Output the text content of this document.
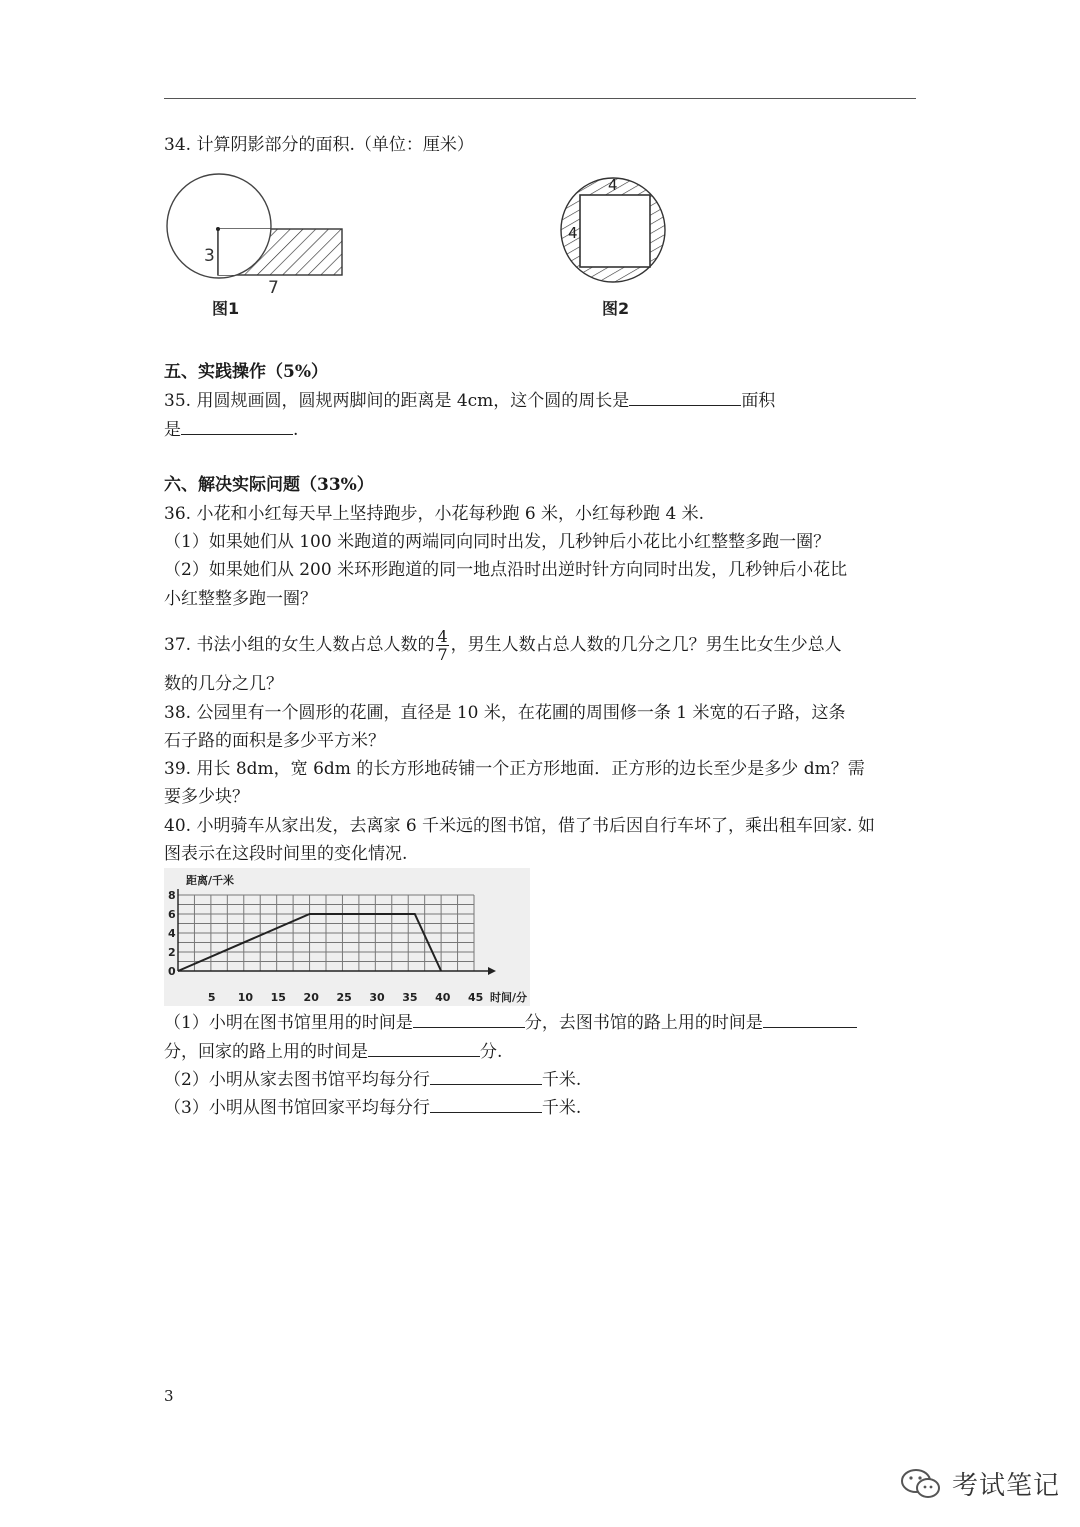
34. 计算阴影部分的面积.（单位：厘米）
3
7
图1
4
4
图2
五、实践操作（5%）
35. 用圆规画圆，圆规两脚间的距离是 4cm，这个圆的周长是	面积
是	.
六、解决实际问题（33%）
36. 小花和小红每天早上坚持跑步，小花每秒跑 6 米，小红每秒跑 4 米.
（1）如果她们从 100 米跑道的两端同向同时出发，几秒钟后小花比小红整整多跑一圈？
（2）如果她们从 200 米环形跑道的同一地点沿时出逆时针方向同时出发，几秒钟后小花比
小红整整多跑一圈？
37. 书法小组的女生人数占总人数的 $\frac{4}{7}$ ，男生人数占总人数的几分之几？男生比女生少总人
数的几分之几？
38. 公园里有一个圆形的花圃，直径是 10 米，在花圃的周围修一条 1 米宽的石子路，这条
石子路的面积是多少平方米？
39. 用长 8dm，宽 6dm 的长方形地砖铺一个正方形地面．正方形的边长至少是多少 dm？需
要多少块？
40. 小明骑车从家出发，去离家 6 千米远的图书馆，借了书后因自行车坏了，乘出租车回家. 如
图表示在这段时间里的变化情况.
0
2
4
6
8
5 10 15 20 25 30 35 40 45
距离/千米
时间/分
（1）小明在图书馆里用的时间是	分，去图书馆的路上用的时间是
分，回家的路上用的时间是	分.
（2）小明从家去图书馆平均每分行	千米.
（3）小明从图书馆回家平均每分行	千米.
3
考试笔记
